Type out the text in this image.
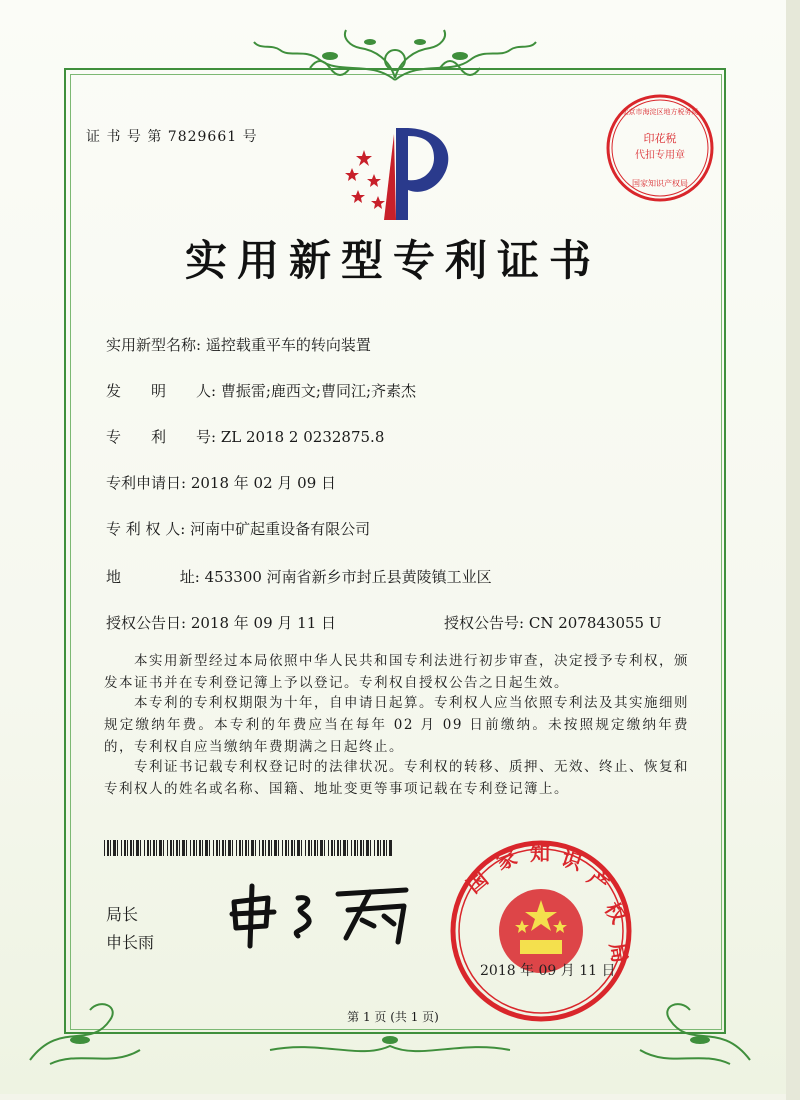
证 书 号 第 7829661 号	印花税
代扣专用章
北京市海淀区地方税务局
国家知识产权局
实用新型专利证书
实用新型名称: 遥控载重平车的转向装置
发　　明　　人: 曹振雷;鹿西文;曹同江;齐素杰
专　　利　　号: ZL 2018 2 0232875.8
专利申请日: 2018 年 02 月 09 日
专 利 权 人: 河南中矿起重设备有限公司
地	址: 453300 河南省新乡市封丘县黄陵镇工业区
授权公告日: 2018 年 09 月 11 日	授权公告号: CN 207843055 U
　　本实用新型经过本局依照中华人民共和国专利法进行初步审查，决定授予专利权，颁发本证书并在专利登记簿上予以登记。专利权自授权公告之日起生效。
　　本专利的专利权期限为十年，自申请日起算。专利权人应当依照专利法及其实施细则规定缴纳年费。本专利的年费应当在每年 02 月 09 日前缴纳。未按照规定缴纳年费的，专利权自应当缴纳年费期满之日起终止。
　　专利证书记载专利权登记时的法律状况。专利权的转移、质押、无效、终止、恢复和专利权人的姓名或名称、国籍、地址变更等事项记载在专利登记簿上。
局长
申长雨
国
家 知 识
产
权
局
2018 年 09 月 11 日
第 1 页 (共 1 页)
